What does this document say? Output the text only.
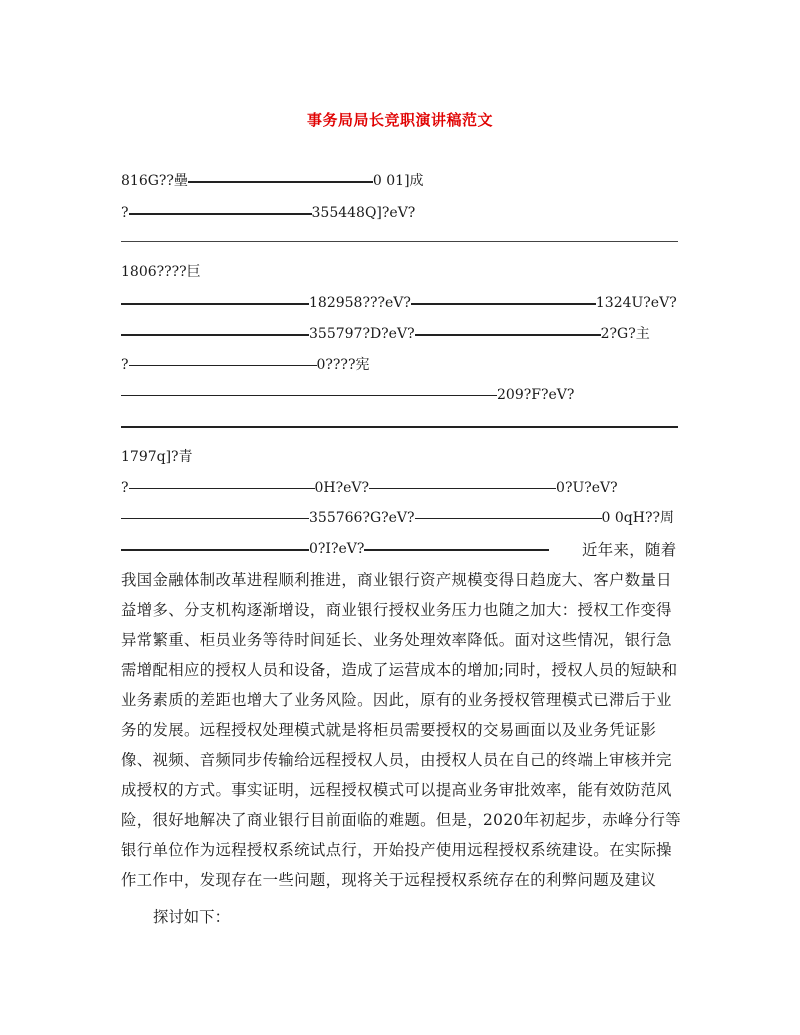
事务局局长竞职演讲稿范文
816G??壘	0 01]成
?	355448Q]?eV?
1806????巨
182958???eV?	1324U?eV?
355797?D?eV?	2?G?主
?	0????宪
209?F?eV?
1797q]?青
?	0H?eV?	0?U?eV?
355766?G?eV?	0 0qH??周
0?I?eV?	近年来，随着我国金融体制改革进程顺利推进，商业银行资产规模变得日趋庞大、客户数量日益增多、分支机构逐渐增设，商业银行授权业务压力也随之加大：授权工作变得异常繁重、柜员业务等待时间延长、业务处理效率降低。面对这些情况，银行急需增配相应的授权人员和设备，造成了运营成本的增加;同时，授权人员的短缺和业务素质的差距也增大了业务风险。因此，原有的业务授权管理模式已滞后于业务的发展。远程授权处理模式就是将柜员需要授权的交易画面以及业务凭证影像、视频、音频同步传输给远程授权人员，由授权人员在自己的终端上审核并完成授权的方式。事实证明，远程授权模式可以提高业务审批效率，能有效防范风险，很好地解决了商业银行目前面临的难题。但是，2020年初起步，赤峰分行等银行单位作为远程授权系统试点行，开始投产使用远程授权系统建设。在实际操作工作中，发现存在一些问题，现将关于远程授权系统存在的利弊问题及建议
探讨如下：
